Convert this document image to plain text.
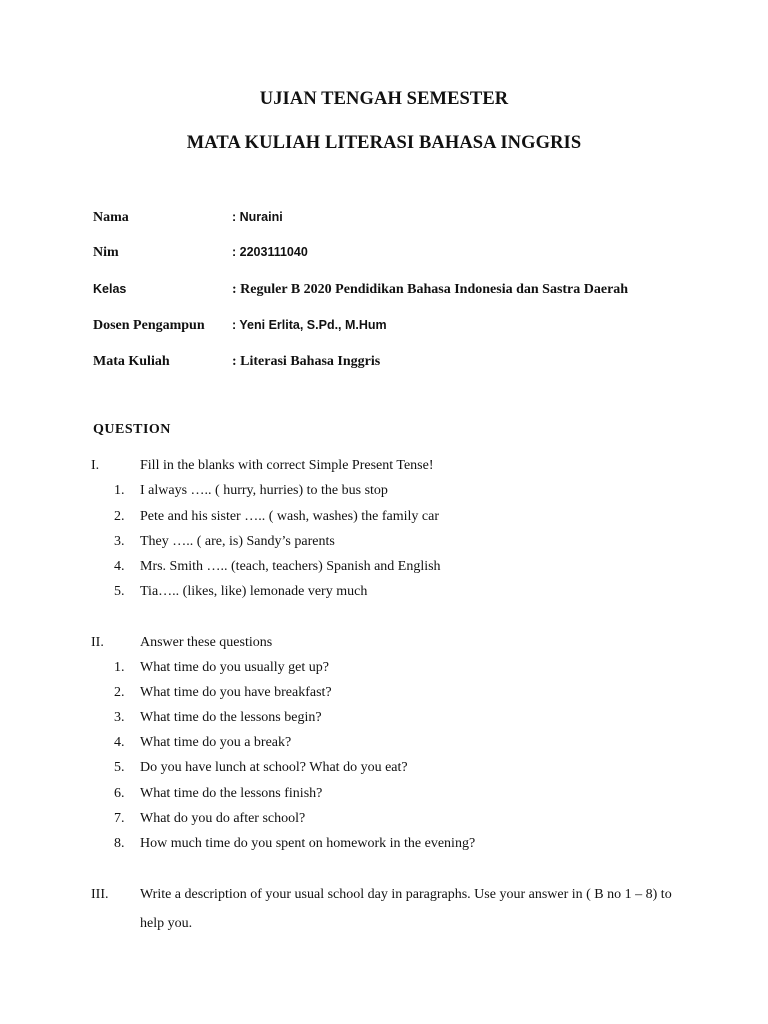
UJIAN TENGAH SEMESTER
MATA KULIAH LITERASI BAHASA INGGRIS
Nama	: Nuraini
Nim	: 2203111040
Kelas	: Reguler B 2020 Pendidikan Bahasa Indonesia dan Sastra Daerah
Dosen Pengampun : Yeni Erlita, S.Pd., M.Hum
Mata Kuliah	: Literasi Bahasa Inggris
QUESTION
I.	Fill in the blanks with correct Simple Present Tense!
1. I always ….. ( hurry, hurries) to the bus stop
2. Pete and his sister ….. ( wash, washes) the family car
3. They ….. ( are, is) Sandy’s parents
4. Mrs. Smith ….. (teach, teachers) Spanish and English
5. Tia….. (likes, like) lemonade very much
II.	Answer these questions
1. What time do you usually get up?
2. What time do you have breakfast?
3. What time do the lessons begin?
4. What time do you a break?
5. Do you have lunch at school? What do you eat?
6. What time do the lessons finish?
7. What do you do after school?
8. How much time do you spent on homework in the evening?
III. Write a description of your usual school day in paragraphs. Use your answer in ( B no 1 – 8) to help you.
